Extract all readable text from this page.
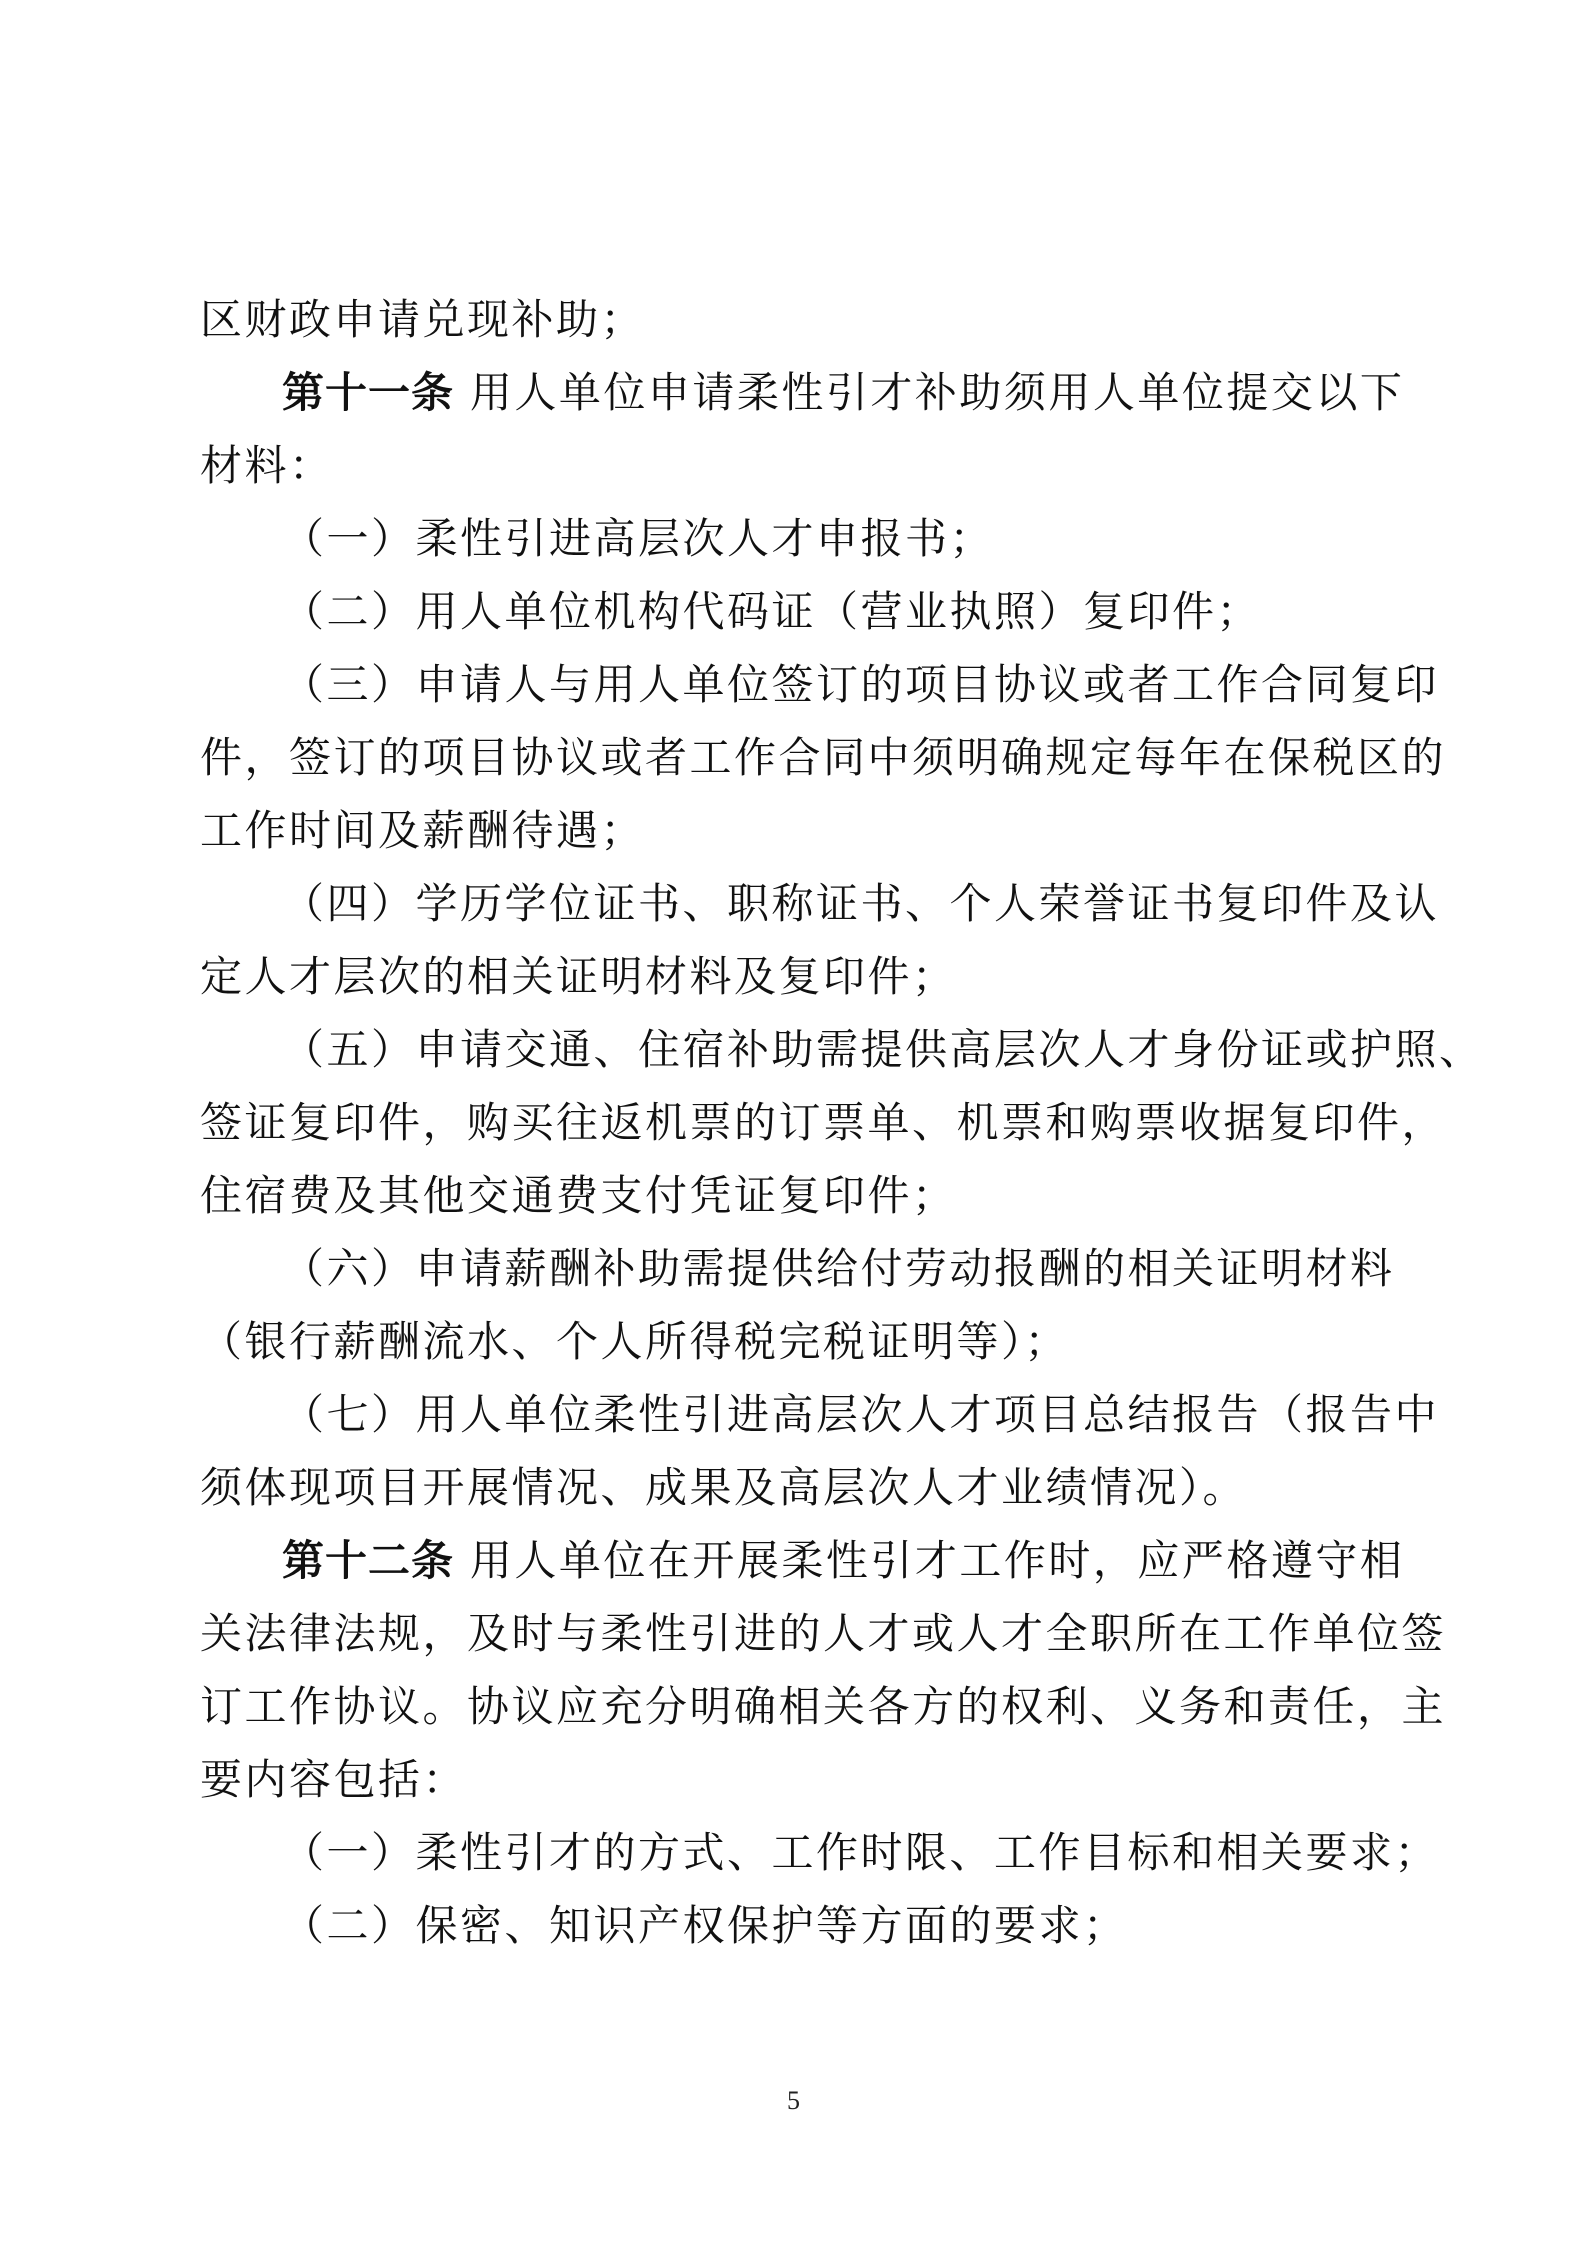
区财政申请兑现补助；
第十一条 用人单位申请柔性引才补助须用人单位提交以下
材料：
（一）柔性引进高层次人才申报书；
（二）用人单位机构代码证（营业执照）复印件；
（三）申请人与用人单位签订的项目协议或者工作合同复印
件，签订的项目协议或者工作合同中须明确规定每年在保税区的
工作时间及薪酬待遇；
（四）学历学位证书、职称证书、个人荣誉证书复印件及认
定人才层次的相关证明材料及复印件；
（五）申请交通、住宿补助需提供高层次人才身份证或护照、
签证复印件，购买往返机票的订票单、机票和购票收据复印件，
住宿费及其他交通费支付凭证复印件；
（六）申请薪酬补助需提供给付劳动报酬的相关证明材料
（银行薪酬流水、个人所得税完税证明等）；
（七）用人单位柔性引进高层次人才项目总结报告（报告中
须体现项目开展情况、成果及高层次人才业绩情况）。
第十二条 用人单位在开展柔性引才工作时，应严格遵守相
关法律法规，及时与柔性引进的人才或人才全职所在工作单位签
订工作协议。协议应充分明确相关各方的权利、义务和责任，主
要内容包括：
（一）柔性引才的方式、工作时限、工作目标和相关要求；
（二）保密、知识产权保护等方面的要求；
5
